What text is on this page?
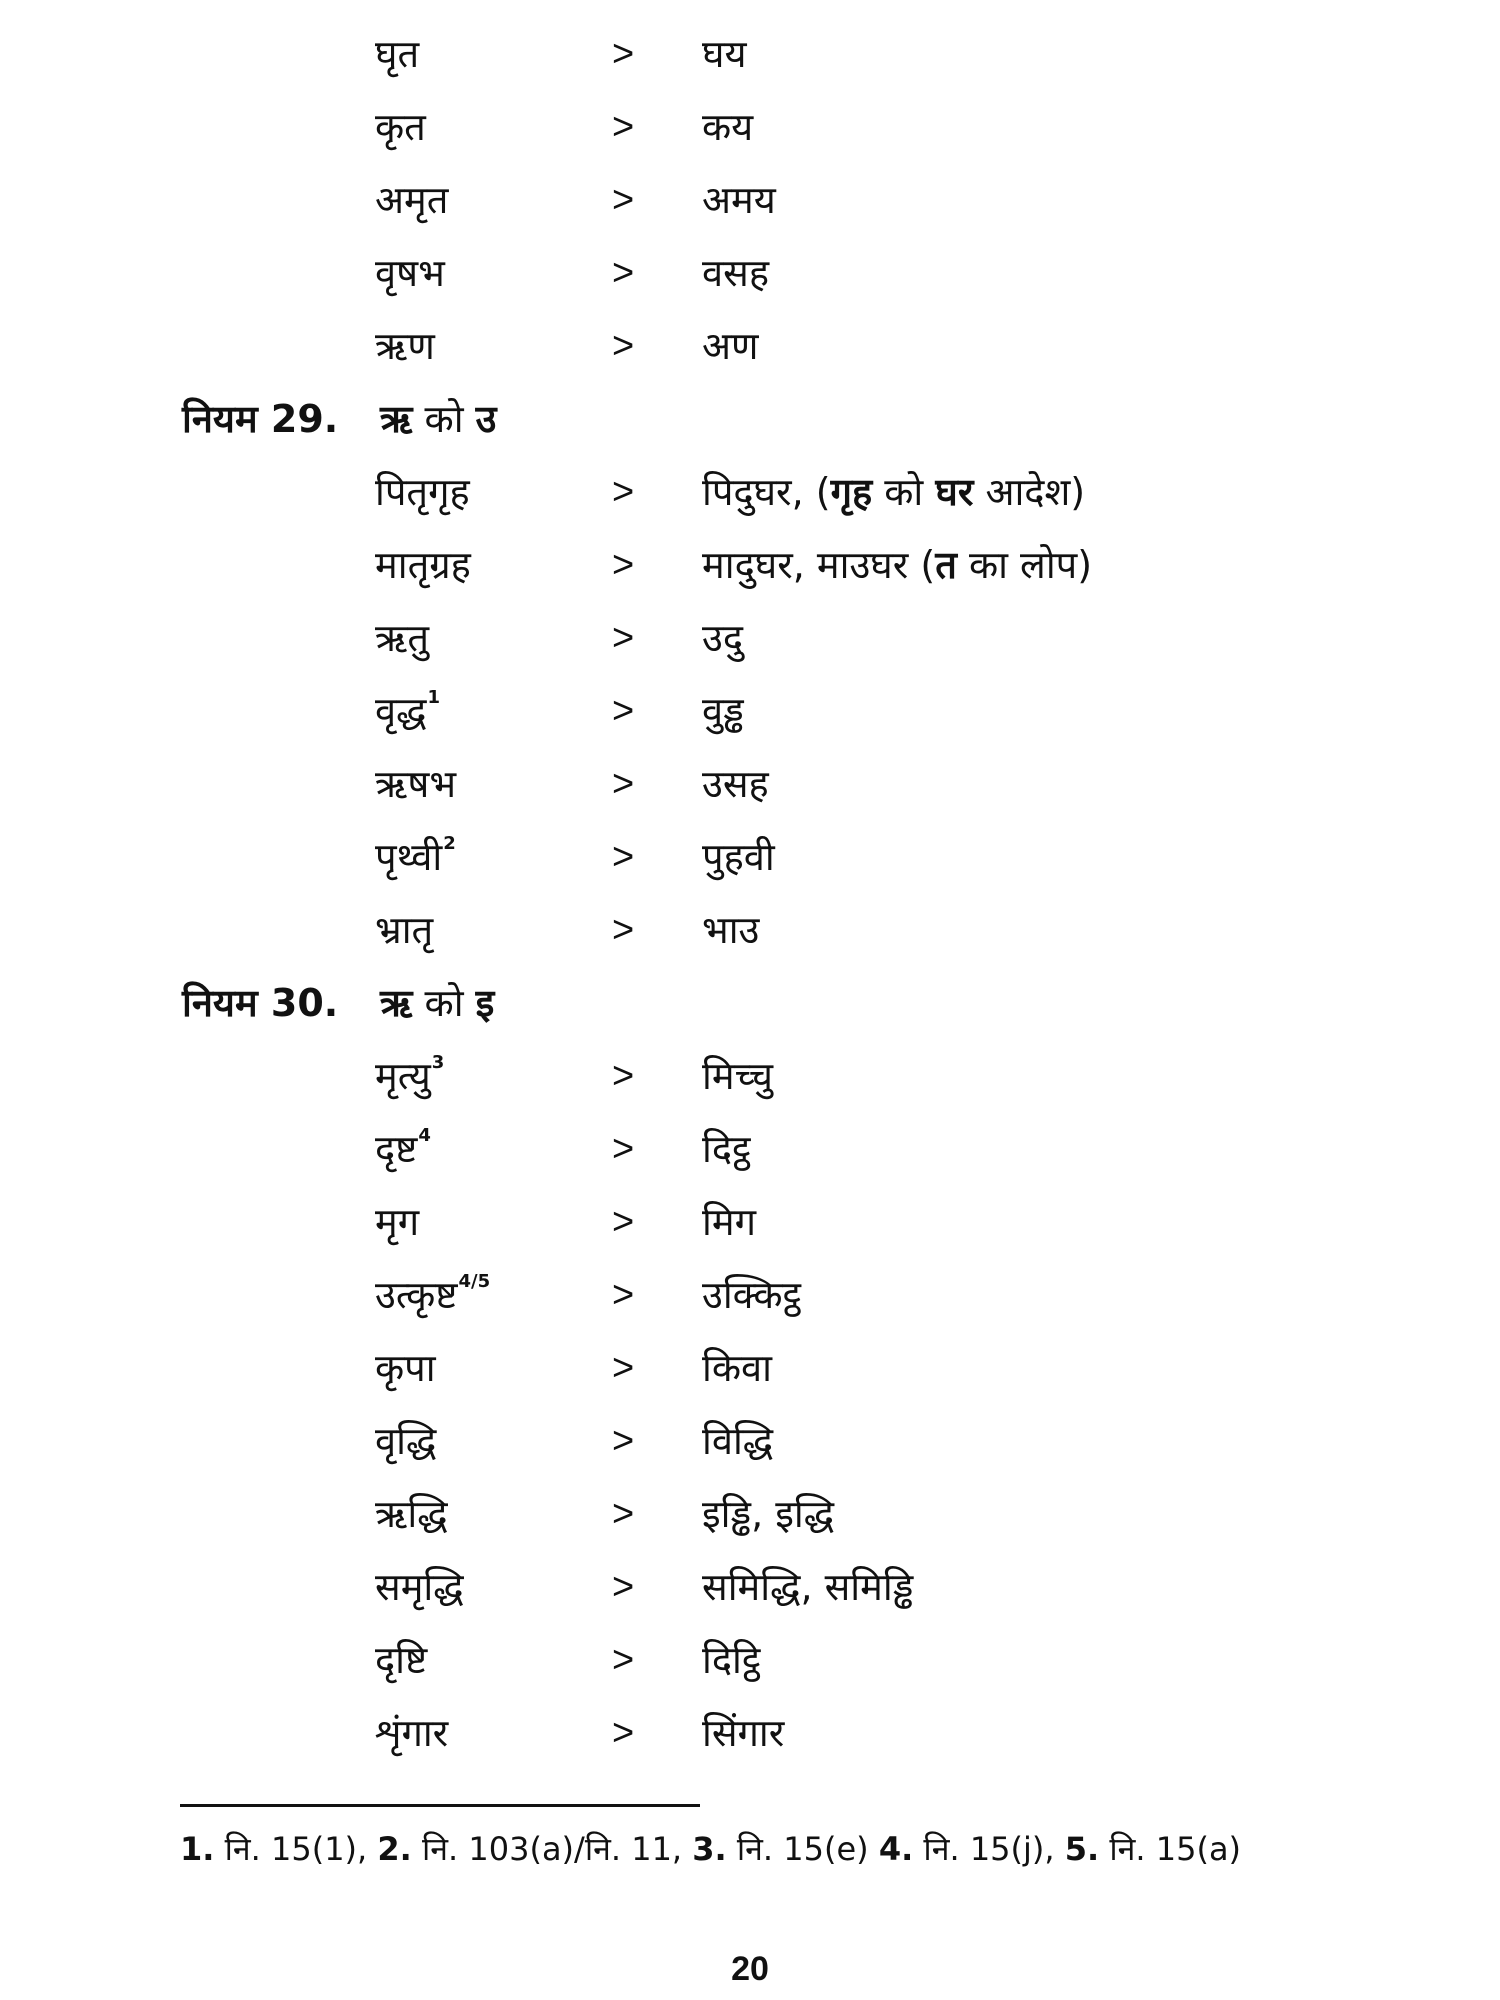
घृत	> घय
कृत	> कय
अमृत	> अमय
वृषभ	> वसह
ऋण	> अण
नियम 29. ऋ को उ
पितृगृह	> पिदुघर, (गृह को घर आदेश)
मातृग्रह	> मादुघर, माउघर (त का लोप)
ऋतु	> उदु
वृद्ध$^1$	> वुड्ढ
ऋषभ	> उसह
पृथ्वी$^2$	> पुहवी
भ्रातृ	> भाउ
नियम 30. ऋ को इ
मृत्यु$^3$	> मिच्चु
दृष्ट$^4$	> दिट्ठ
मृग	> मिग
उत्कृष्ट$^{4/5}$	> उक्किट्ठ
कृपा	> किवा
वृद्धि	> विद्धि
ऋद्धि	> इड्ढि, इद्धि
समृद्धि	> समिद्धि, समिड्ढि
दृष्टि	> दिट्ठि
शृंगार	> सिंगार
1. नि. 15(1), 2. नि. 103(a)/नि. 11, 3. नि. 15(e) 4. नि. 15(j), 5. नि. 15(a)
20
